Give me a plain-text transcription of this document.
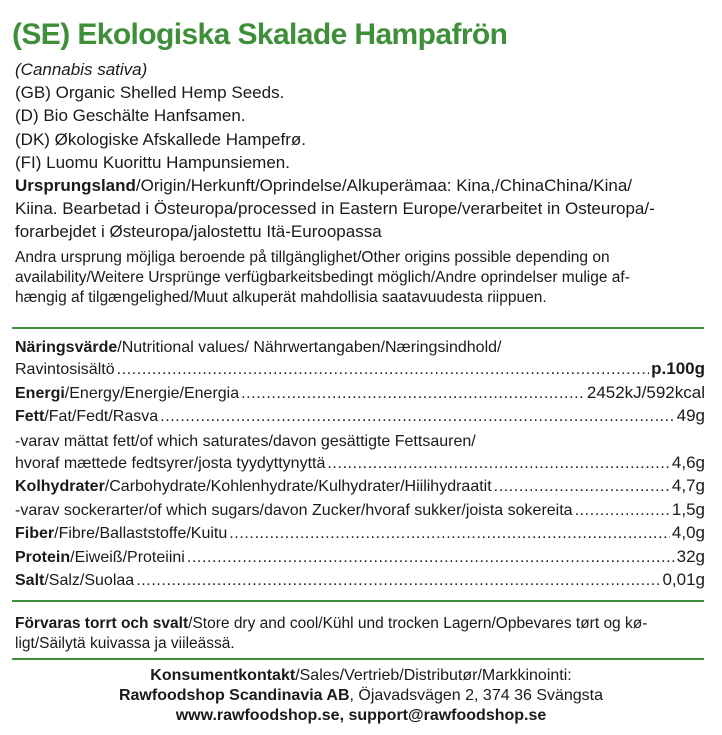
(SE) Ekologiska Skalade Hampafrön
(Cannabis sativa)
(GB) Organic Shelled Hemp Seeds.
(D) Bio Geschälte Hanfsamen.
(DK) Økologiske Afskallede Hampefrø.
(FI) Luomu Kuorittu Hampunsiemen.
Ursprungsland/Origin/Herkunft/Oprindelse/Alkuperämaa: Kina,/ChinaChina/Kina/
Kiina. Bearbetad i Östeuropa/processed in Eastern Europe/verarbeitet in Osteuropa/-
forarbejdet i Østeuropa/jalostettu Itä-Euroopassa
Andra ursprung möjliga beroende på tillgänglighet/Other origins possible depending on
availability/Weitere Ursprünge verfügbarkeitsbedingt möglich/Andre oprindelser mulige af-
hængig af tilgængelighed/Muut alkuperät mahdollisia saatavuudesta riippuen.
Näringsvärde/Nutritional values/ Nährwertangaben/Næringsindhold/
Ravintosisältö .....	p.100g
Energi/Energy/Energie/Energia .....	2452kJ/592kcal
Fett/Fat/Fedt/Rasva .....	49g
-varav mättat fett/of which saturates/davon gesättigte Fettsauren/
hvoraf mættede fedtsyrer/josta tyydyttynyttä .....	4,6g
Kolhydrater/Carbohydrate/Kohlenhydrate/Kulhydrater/Hiilihydraatit .....	4,7g
-varav sockerarter/of which sugars/davon Zucker/hvoraf sukker/joista sokereita .....	1,5g
Fiber/Fibre/Ballaststoffe/Kuitu .....	4,0g
Protein/Eiweiß/Proteiini .....	32g
Salt/Salz/Suolaa .....	0,01g
Förvaras torrt och svalt/Store dry and cool/Kühl und trocken Lagern/Opbevares tørt og kø-
ligt/Säilytä kuivassa ja viileässä.
Konsumentkontakt/Sales/Vertrieb/Distributør/Markkinointi:
Rawfoodshop Scandinavia AB, Öjavadsvägen 2, 374 36 Svängsta
www.rawfoodshop.se, support@rawfoodshop.se
